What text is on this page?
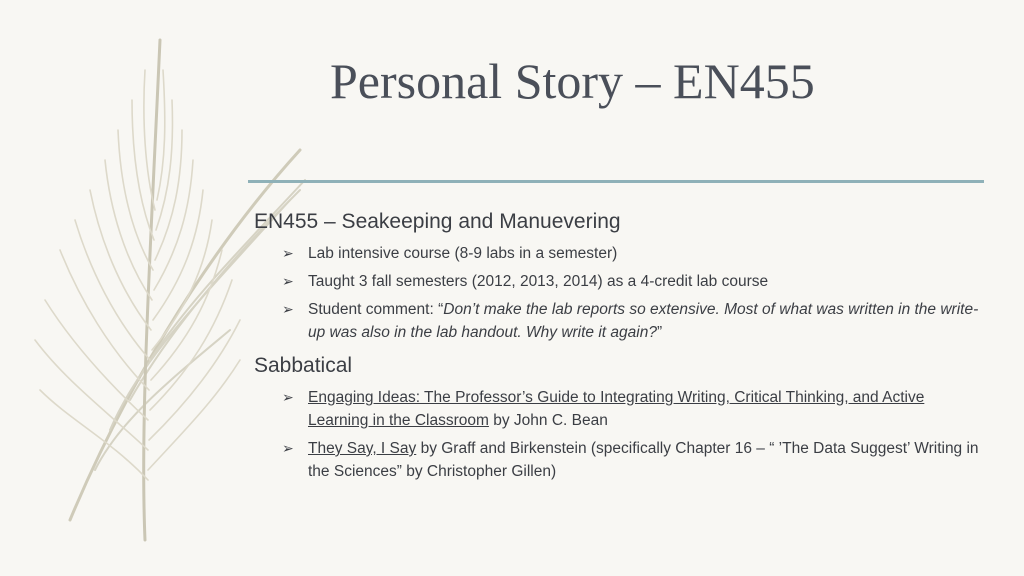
Personal Story – EN455
EN455 – Seakeeping and Manuevering
➢ Lab intensive course (8-9 labs in a semester)
➢ Taught 3 fall semesters (2012, 2013, 2014) as a 4-credit lab course
➢ Student comment: “Don’t make the lab reports so extensive. Most of what was written in the write-up was also in the lab handout. Why write it again?”
Sabbatical
➢ Engaging Ideas: The Professor’s Guide to Integrating Writing, Critical Thinking, and Active Learning in the Classroom by John C. Bean
➢ They Say, I Say by Graff and Birkenstein (specifically Chapter 16 – “ ’The Data Suggest’ Writing in the Sciences” by Christopher Gillen)
